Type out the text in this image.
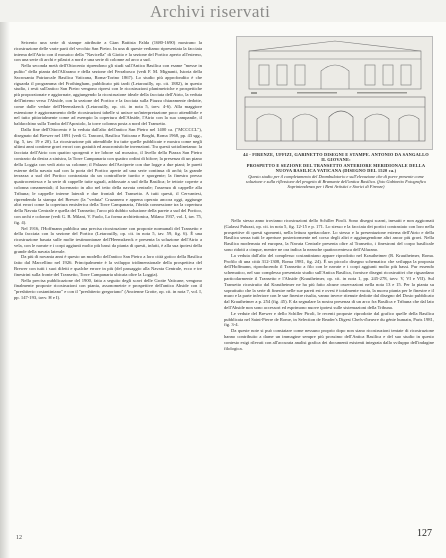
Archivi riservati

Seicento una serie di stampe attribuite a Gian Battista Falda (1680-1690) mostrano la ricostruzione delle varie parti del vecchio San Pietro. In una di queste vediamo ripresentata la facciata interna dell'Atrio con il mosaico della "Navicella" di Giotto e la sezione del Portico aperto all'esterno, con una serie di archi e pilastri a nord e una serie di colonne ad arco a sud.

Nella seconda metà dell'Ottocento riprendono gli studi sull'Antica Basilica con esame "messe in pulito" della pianta dell'Alfarano e della sezione del Ferrabosco (vedi F. M. Mignanti, Istoria della Sacrosanta Patriarcale Basilica Vaticana, Roma-Torino 1867). Lo studio più approfondito è che riguarda il programma del Frothingham, pubblicato più tardi (Letarouilly, op. cit. 1882), in questo studio, i resti sull'antico San Pietro vengono ripresi con le ricostruzioni planimetriche e prospettiche più proporzionate e aggiornate, aggiungendo la ricostruzione ideale della facciata dell'Atrio, la veduta dell'interno verso l'Abside, con la sezione del Portico e la facciata sulla Piazza chiaramente dedotte, come dalle vedute dell'Heemskerck (Letarouilly, op. cit. in nota 5, tavv. 4-6). Alla maggiore estensione è aggiornamento delle ricostruzioni tabelle si unisce un'interpretazione poco attendibile e nel tutto pittorialmente come ad esempio la copertura dell'Abside, l'Atrio con la sua campanile, il baldacchino sulla Tomba dell'Apostolo, la torre colonna posta a nord del Transetto.

Dalla fine dell'Ottocento è la veduta dall'alto dell'antico San Pietro nel 1400 ca. ("MCCCCL"), disegnato dal Brewer nel 1891 (vedi G. Tanconi, Basilica Vaticana e Borghi, Roma 1968, pp. 43 sgg., fig. 5, tav. 19 e 20). La ricostruzione più attendibile fra tutte quelle pubblicate e mostra come negli ultimi anni contiene gravi errori con gratuità ed anacronistiche invenzioni. Tra questi sottolineiamo: la facciata dell'Atrio con quattro sporgenti e tre lobore sul mosaico, il livello della Piazza San Pietro contrario da destra a sinistra, la Torre Campanaria con quattro ordini di bifore; la presenza di un piano della Loggia con vedi atrio su colonne; il Palazzo dell'Arciprete con due logge a due piani; le pareti esterne della navata sud con la porta del Portico aperte ad una serie continua di archi; la grande terrazza a sud del Portico contrastata da un contrafforte turrito e sporgente; la finestra presso quattrocentesca e la serie di cappelle tutte uguali, addossate a sud della Basilica; le tettoie coperte a colonna ornamentali; il lucernario in alto nel tetto della navata centrale; l'assenza di cappelle alla Tribuna; le cappelle interne laterali e due frontali del Transetto. A tutti questi, il Cervantesi, riprendendo la stampa del Brewer (la "veduta" Cruzanera e appena operato ancora oggi, aggiunge altri errori come la copertura emisferica della Torre Campanaria, l'ibrida connessione tra la copertura della Navata Centrale e quella del Transetto; l'arco più dubbio soluzione della parete a sud del Portico, con archi e colonne (vedi G. B. Milani, V. Faolo, La forma architettonica, Milano 1937, vol. I, tav. 75, fig. 4).

Nel 1916, l'Hoffmann pubblica una precisa ricostruzione con proposte normanali del Transetto e della facciata con la sezione del Portico (Letarouilly, op. cit. in nota 5, tav. 59, fig. 6). È una ricostruzione basata sulle molte testimonianze dell'Heemskerck e presenta la soluzione dell'Atrio a vela, con le navate e i corpi aggiunti molto più bassi da pianta di questi, infatti, è alla sua ipotesi della grande della navata laterale.

Da più di novanta anni è questo un modello dell'antico San Pietro a loro città gotico della Basilica fatto dal Marcellino nel 1926. Principalmente è la sviluppo tridimensionale della prospettiva del Brewer con tutti i suoi difetti e qualche errore in più (del passaggio alla Navata Centrale, ecco e tre finestrini sulla fronte del Transetto, Torre Campanaria ubicata oltre la Loggia).

Nella precisa pubblicazione del 1900, fatta a seguito degli scavi delle Grotte Vaticane, vengono finalmente proposte ricostruzioni con pianta, assonometrie e prospettive dell'antica Abside con il "presbiterio costantiniano" e con il "presbiterio gregoriano" (Ancienne Grotte, op. cit. in nota 7, vol. I, pp. 147-193, tavv. H e I).

44 - FIRENZE, UFFIZI, GABINETTO DISEGNI E STAMPE. ANTONIO DA SANGALLO IL GIOVANE:
PROSPETTO E SEZIONE DEL TRANSETTO ANTERIORE MERIDIONALE DELLA NUOVA BASILICA VATICANA (DISEGNO DEL 1520 ca.)
Questo studio per il completamento del Deambulatorio e sull'elevazione che di porre presente come soluzione e sulla riflessione del progetto di Bramante dell'antica Basilica. (foto Gabinetto Fotografico Soprintendenza per i Beni Artistici e Storici di Firenze)

Nello stesso anno troviamo ricostruzioni dello Schiller Piroli. Sono disegni scarni, inesatti e non aggiornati (Galassi Paluzzi, op. cit. in nota 5, fig. 12-15 e p. 171. Lo stesso e la facciata dei portici contrastato con loro nella prospettive di questi sgomenti, nella lettura spettacolare. Lo stesso e la presentazione esterna dell'Atrio e della Basilica senza tutti le aperture posteriormente nel corso degli altri e aggiungendone altri ancor più gravi. Nella Basilica modernata ed europea, la Navata Centrale presenta oltre al Transetto, i finestroni del corpo basilicale sono ridotti a cinque, mentre ne ora indica la neanche quattrocentesca dell'Alfarano.

La veduta dall'alto del complesso costantiniano appare riprodotto nel Krautheimer (R. Krautheimer, Roma. Profilo di una città 312-1308, Roma 1981, fig. 24). È un piccolo disegno schematico che sviluppa la proposta dell'Hoffmann, riproducendo il Transetto a filo con le navate e i corpi aggiunti molto più bassi. Pur essendo schematico, nel suo complesso presentato studio sull'Antica Basilica, fornisce disegni ricostruttivi che riguardano particolarmente il Transetto e l'Abside (Krautheimer, op. cit. in nota 1, pp. 245-278, tavv. V, VI e VII). Sul Transetto ricostruito dal Krautheimer ne ha più fatto alcune osservazioni nella nota 13 e 15. Per la pianta su soprattutto che la serie di finestre nelle sue pareti est e ovest è totalmente vuota, la nuova pianta per le finestre e il muro e la parte inferiore con le sue finestre risulta, vanno invece ritenute dedotte dal disegno del Dosio pubblicato dal Krautheimer a p. 254 (fig. 45). E da segnalare la nostra presenza di un arco fra Basilica e Tribuna che dal lato dell'Abside non sono accessori ed esprimono nuove ipotesi sulle sistemazioni della Tribuna.

Le vedute del Brewer e dello Schiller Piroli, le recenti proposte riprodotte dal grafico quelle della Basilica pubblicata nel Saint-Pierre de Rome, in Selection de Reader's Digest Chefs-d'œuvre du génie humain, Paris 1981, fig. 3-4.

Da queste note si può constatare come nessuno proprio dopo non siano ricostruzioni tentate di ricostruzione hanno contribuito a darne un immagine sempre più prossimo dell'Antica Basilica e del suo studio in questo contesto esigi rilevati con all'accurata analisi grafica dei documenti esistenti integrata dallo sviluppo dell'indagine filologica.

12	127
